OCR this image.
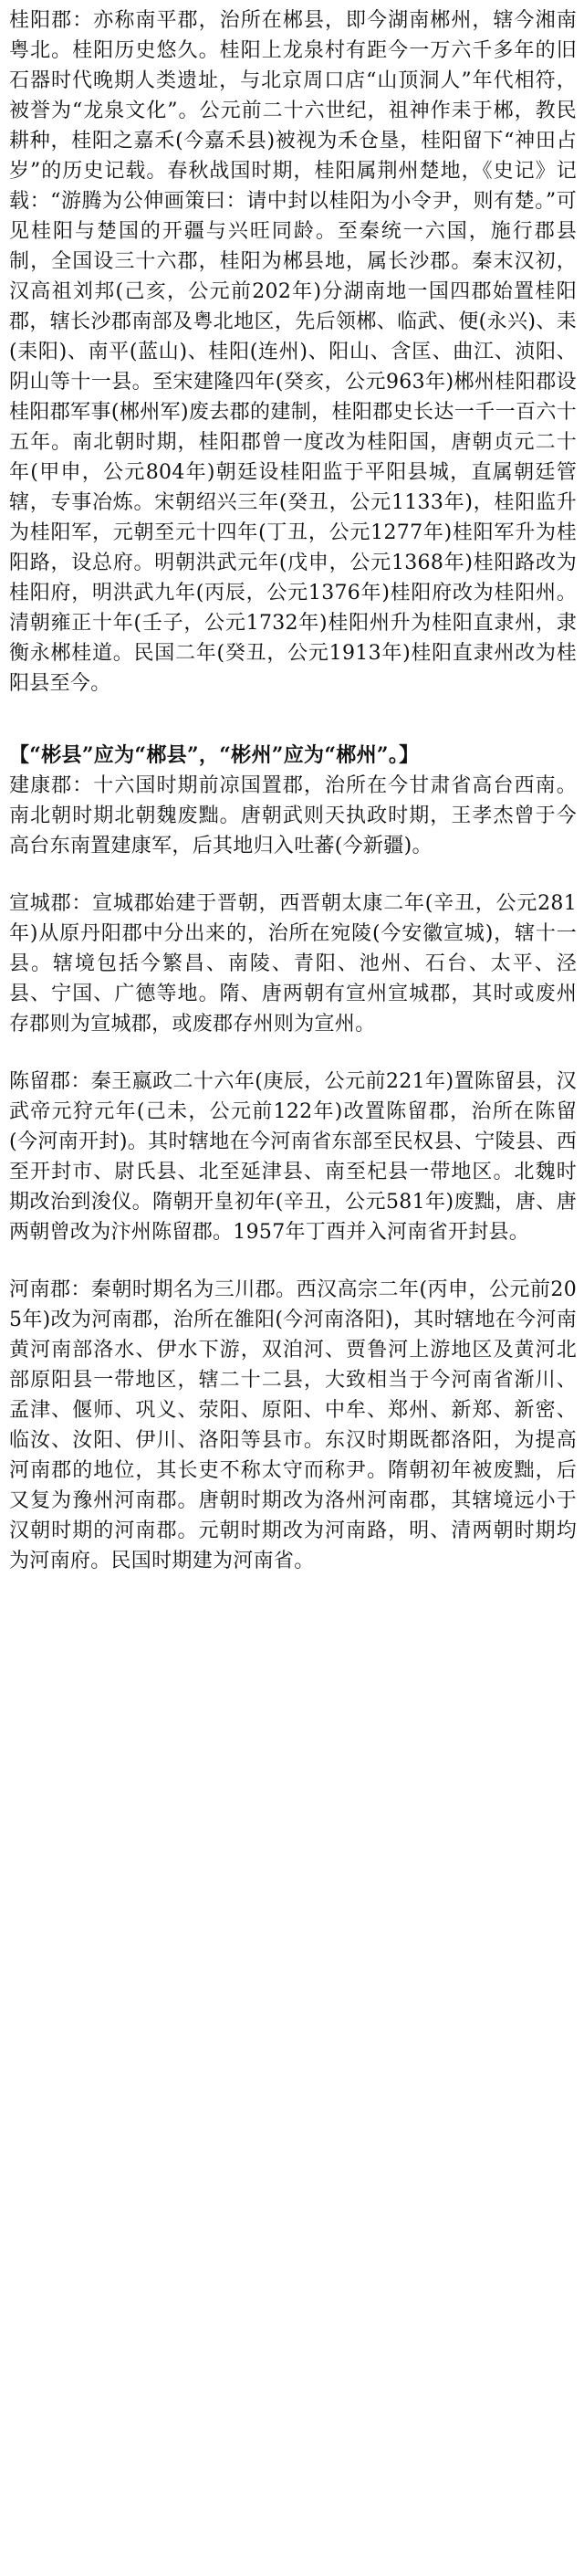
桂阳郡：亦称南平郡，治所在郴县，即今湖南郴州，辖今湘南粤北。桂阳历史悠久。桂阳上龙泉村有距今一万六千多年的旧石器时代晚期人类遗址，与北京周口店“山顶洞人”年代相符，被誉为“龙泉文化”。公元前二十六世纪，祖神作耒于郴，教民耕种，桂阳之嘉禾(今嘉禾县)被视为禾仓垦，桂阳留下“神田占岁”的历史记载。春秋战国时期，桂阳属荆州楚地，《史记》记载：“游腾为公伸画策曰：请中封以桂阳为小令尹，则有楚。”可见桂阳与楚国的开疆与兴旺同龄。至秦统一六国，施行郡县制，全国设三十六郡，桂阳为郴县地，属长沙郡。秦末汉初，汉高祖刘邦(己亥，公元前202年)分湖南地一国四郡始置桂阳郡，辖长沙郡南部及粤北地区，先后领郴、临武、便(永兴)、耒(耒阳)、南平(蓝山)、桂阳(连州)、阳山、含匡、曲江、浈阳、阴山等十一县。至宋建隆四年(癸亥，公元963年)郴州桂阳郡设桂阳郡军事(郴州军)废去郡的建制，桂阳郡史长达一千一百六十五年。南北朝时期，桂阳郡曾一度改为桂阳国，唐朝贞元二十年(甲申，公元804年)朝廷设桂阳监于平阳县城，直属朝廷管辖，专事冶炼。宋朝绍兴三年(癸丑，公元1133年)，桂阳监升为桂阳军，元朝至元十四年(丁丑，公元1277年)桂阳军升为桂阳路，设总府。明朝洪武元年(戊申，公元1368年)桂阳路改为桂阳府，明洪武九年(丙辰，公元1376年)桂阳府改为桂阳州。清朝雍正十年(壬子，公元1732年)桂阳州升为桂阳直隶州，隶衡永郴桂道。民国二年(癸丑，公元1913年)桂阳直隶州改为桂阳县至今。

【“彬县”应为“郴县”，“彬州”应为“郴州”。】

建康郡：十六国时期前凉国置郡，治所在今甘肃省高台西南。南北朝时期北朝魏废黜。唐朝武则天执政时期，王孝杰曾于今高台东南置建康军，后其地归入吐蕃(今新疆)。

宣城郡：宣城郡始建于晋朝，西晋朝太康二年(辛丑，公元281年)从原丹阳郡中分出来的，治所在宛陵(今安徽宣城)，辖十一县。辖境包括今繁昌、南陵、青阳、池州、石台、太平、泾县、宁国、广德等地。隋、唐两朝有宣州宣城郡，其时或废州存郡则为宣城郡，或废郡存州则为宣州。

陈留郡：秦王嬴政二十六年(庚辰，公元前221年)置陈留县，汉武帝元狩元年(己未，公元前122年)改置陈留郡，治所在陈留(今河南开封)。其时辖地在今河南省东部至民权县、宁陵县、西至开封市、尉氏县、北至延津县、南至杞县一带地区。北魏时期改治到浚仪。隋朝开皇初年(辛丑，公元581年)废黜，唐、唐两朝曾改为汴州陈留郡。1957年丁酉并入河南省开封县。

河南郡：秦朝时期名为三川郡。西汉高宗二年(丙申，公元前205年)改为河南郡，治所在雒阳(今河南洛阳)，其时辖地在今河南黄河南部洛水、伊水下游，双洎河、贾鲁河上游地区及黄河北部原阳县一带地区，辖二十二县，大致相当于今河南省渐川、孟津、偃师、巩义、荥阳、原阳、中牟、郑州、新郑、新密、临汝、汝阳、伊川、洛阳等县市。东汉时期既都洛阳，为提高河南郡的地位，其长吏不称太守而称尹。隋朝初年被废黜，后又复为豫州河南郡。唐朝时期改为洛州河南郡，其辖境远小于汉朝时期的河南郡。元朝时期改为河南路，明、清两朝时期均为河南府。民国时期建为河南省。
